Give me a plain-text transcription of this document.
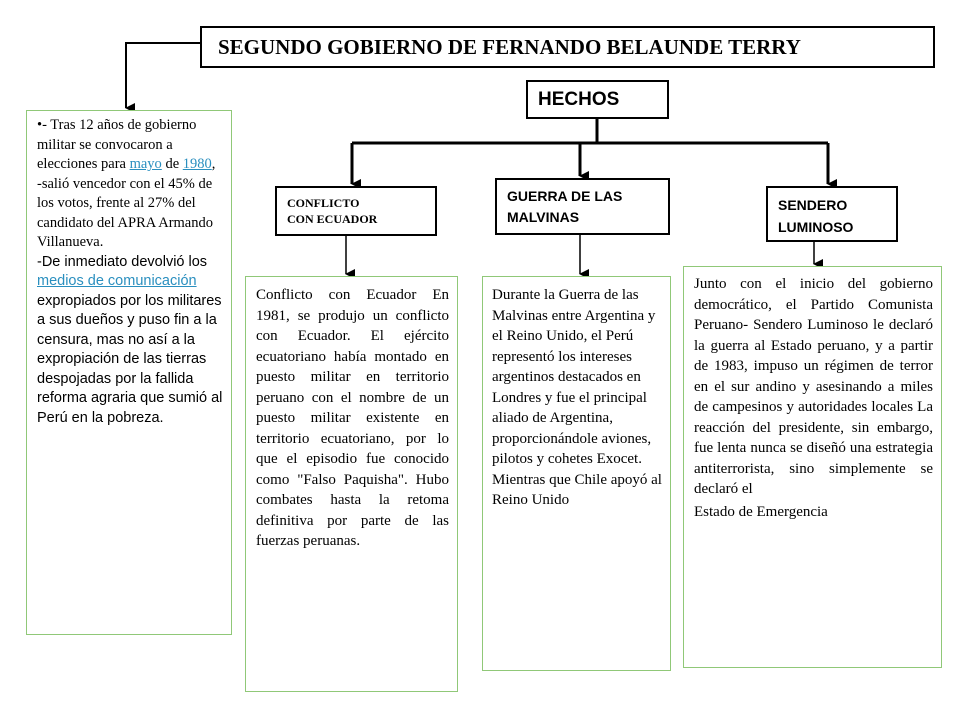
SEGUNDO GOBIERNO DE FERNANDO BELAUNDE TERRY
HECHOS
CONFLICTO
CON ECUADOR
GUERRA DE LAS
MALVINAS
SENDERO
LUMINOSO

•- Tras 12 años de gobierno militar se convocaron a elecciones para mayo de 1980,

-salió vencedor con el 45% de los votos, frente al 27% del candidato del APRA Armando Villanueva.

-De inmediato devolvió los medios de comunicación expropiados por los militares a sus dueños y puso fin a la censura, mas no así a la expropiación de las tierras despojadas por la fallida reforma agraria que sumió al Perú en la pobreza.

Conflicto con Ecuador En 1981, se produjo un conflicto con Ecuador. El ejército ecuatoriano había montado en puesto militar en territorio peruano con el nombre de un puesto militar existente en territorio ecuatoriano, por lo que el episodio fue conocido como "Falso Paquisha". Hubo combates hasta la retoma definitiva por parte de las fuerzas peruanas.

Durante la Guerra de las Malvinas entre Argentina y el Reino Unido, el Perú representó los intereses argentinos destacados en Londres y fue el principal aliado de Argentina, proporcionándole aviones, pilotos y cohetes Exocet. Mientras que Chile apoyó al Reino Unido

Junto con el inicio del gobierno democrático, el Partido Comunista Peruano- Sendero Luminoso le declaró la guerra al Estado peruano, y a partir de 1983, impuso un régimen de terror en el sur andino y asesinando a miles de campesinos y autoridades locales La reacción del presidente, sin embargo, fue lenta nunca se diseñó una estrategia antiterrorista, sino simplemente se declaró el

Estado de Emergencia
